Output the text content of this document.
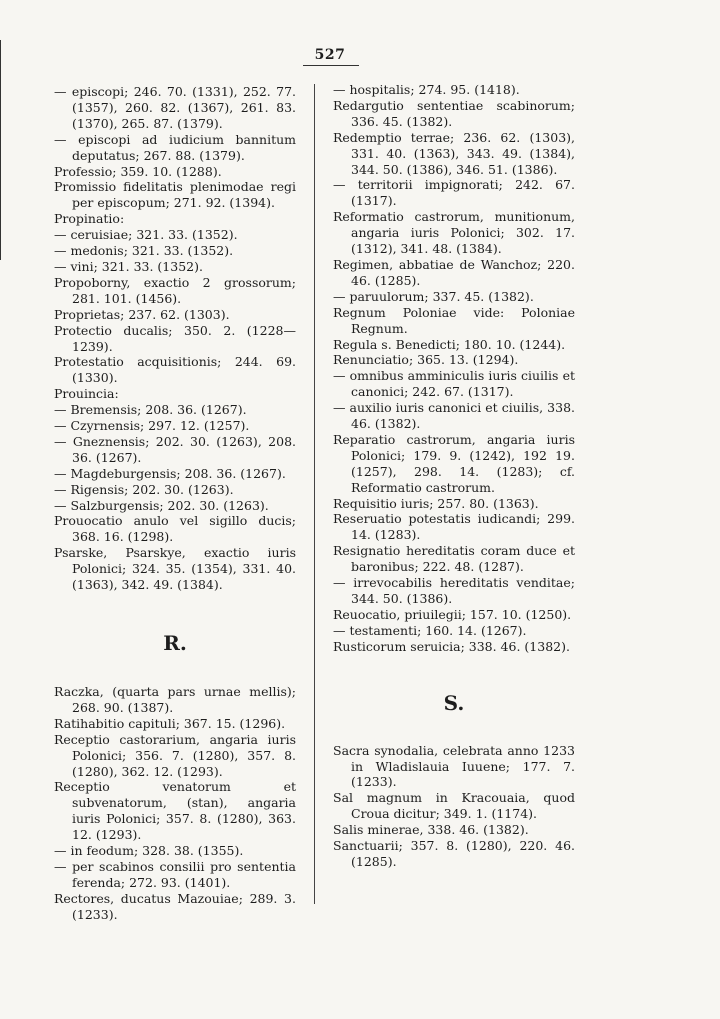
527

— episcopi; 246. 70. (1331), 252. 77. (1357), 260. 82. (1367), 261. 83. (1370), 265. 87. (1379).

— episcopi ad iudicium bannitum deputatus; 267. 88. (1379).

Professio; 359. 10. (1288).

Promissio fidelitatis plenimodae regi per episcopum; 271. 92. (1394).

Propinatio:

— ceruisiae; 321. 33. (1352).

— medonis; 321. 33. (1352).

— vini; 321. 33. (1352).

Propoborny, exactio 2 grossorum; 281. 101. (1456).

Proprietas; 237. 62. (1303).

Protectio ducalis; 350. 2. (1228—1239).

Protestatio acquisitionis; 244. 69. (1330).

Prouincia:

— Bremensis; 208. 36. (1267).

— Czyrnensis; 297. 12. (1257).

— Gneznensis; 202. 30. (1263), 208. 36. (1267).

— Magdeburgensis; 208. 36. (1267).

— Rigensis; 202. 30. (1263).

— Salzburgensis; 202. 30. (1263).

Prouocatio anulo vel sigillo ducis; 368. 16. (1298).

Psarske, Psarskye, exactio iuris Polonici; 324. 35. (1354), 331. 40. (1363), 342. 49. (1384).

R.

Raczka, (quarta pars urnae mellis); 268. 90. (1387).

Ratihabitio capituli; 367. 15. (1296).

Receptio castorarium, angaria iuris Polonici; 356. 7. (1280), 357. 8. (1280), 362. 12. (1293).

Receptio venatorum et subvenatorum, (stan), angaria iuris Polonici; 357. 8. (1280), 363. 12. (1293).

— in feodum; 328. 38. (1355).

— per scabinos consilii pro sententia ferenda; 272. 93. (1401).

Rectores, ducatus Mazouiae; 289. 3. (1233).

— hospitalis; 274. 95. (1418).

Redargutio sententiae scabinorum; 336. 45. (1382).

Redemptio terrae; 236. 62. (1303), 331. 40. (1363), 343. 49. (1384), 344. 50. (1386), 346. 51. (1386).

— territorii impignorati; 242. 67. (1317).

Reformatio castrorum, munitionum, angaria iuris Polonici; 302. 17. (1312), 341. 48. (1384).

Regimen, abbatiae de Wanchoz; 220. 46. (1285).

— paruulorum; 337. 45. (1382).

Regnum Poloniae vide: Poloniae Regnum.

Regula s. Benedicti; 180. 10. (1244).

Renunciatio; 365. 13. (1294).

— omnibus amminiculis iuris ciuilis et canonici; 242. 67. (1317).

— auxilio iuris canonici et ciuilis, 338. 46. (1382).

Reparatio castrorum, angaria iuris Polonici; 179. 9. (1242), 192 19. (1257), 298. 14. (1283); cf. Reformatio castrorum.

Requisitio iuris; 257. 80. (1363).

Reseruatio potestatis iudicandi; 299. 14. (1283).

Resignatio hereditatis coram duce et baronibus; 222. 48. (1287).

— irrevocabilis hereditatis venditae; 344. 50. (1386).

Reuocatio, priuilegii; 157. 10. (1250).

— testamenti; 160. 14. (1267).

Rusticorum seruicia; 338. 46. (1382).

S.

Sacra synodalia, celebrata anno 1233 in Wladislauia Iuuene; 177. 7. (1233).

Sal magnum in Kracouaia, quod Croua dicitur; 349. 1. (1174).

Salis minerae, 338. 46. (1382).

Sanctuarii; 357. 8. (1280), 220. 46. (1285).
